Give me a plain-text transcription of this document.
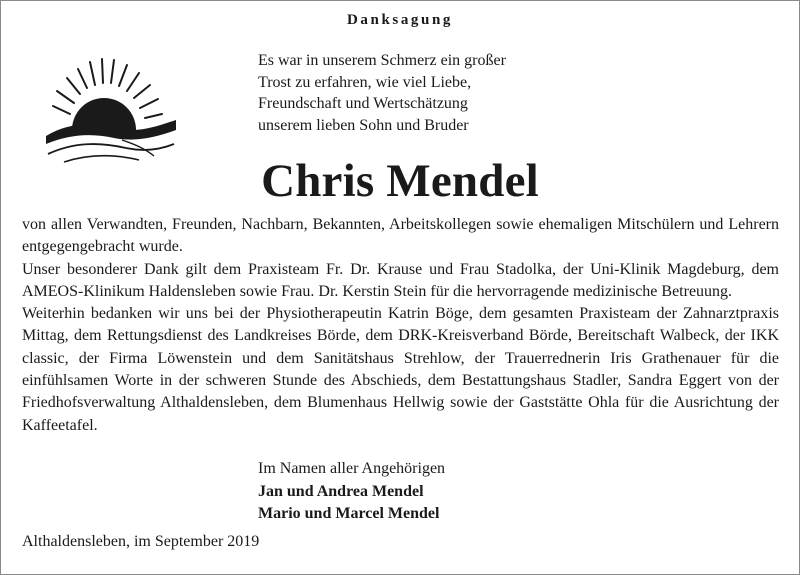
Danksagung
Es war in unserem Schmerz ein großer
Trost zu erfahren, wie viel Liebe,
Freundschaft und Wertschätzung
unserem lieben Sohn und Bruder
Chris Mendel

von allen Verwandten, Freunden, Nachbarn, Bekannten, Arbeitskollegen sowie ehemaligen Mitschülern und Lehrern entgegengebracht wurde.

Unser besonderer Dank gilt dem Praxisteam Fr. Dr. Krause und Frau Stadolka, der Uni-Klinik Magdeburg, dem AMEOS-Klinikum Haldensleben sowie Frau. Dr. Kerstin Stein für die hervorragende medizinische Betreuung.

Weiterhin bedanken wir uns bei der Physiotherapeutin Katrin Böge, dem gesamten Praxisteam der Zahnarztpraxis Mittag, dem Rettungsdienst des Landkreises Börde, dem DRK-Kreisverband Börde, Bereitschaft Walbeck, der IKK classic, der Firma Löwenstein und dem Sanitätshaus Strehlow, der Trauerrednerin Iris Grathenauer für die einfühlsamen Worte in der schweren Stunde des Abschieds, dem Bestattungshaus Stadler, Sandra Eggert von der Friedhofsverwaltung Althaldensleben, dem Blumenhaus Hellwig sowie der Gaststätte Ohla für die Ausrichtung der Kaffeetafel.

Im Namen aller Angehörigen
Jan und Andrea Mendel
Mario und Marcel Mendel
Althaldensleben, im September 2019
